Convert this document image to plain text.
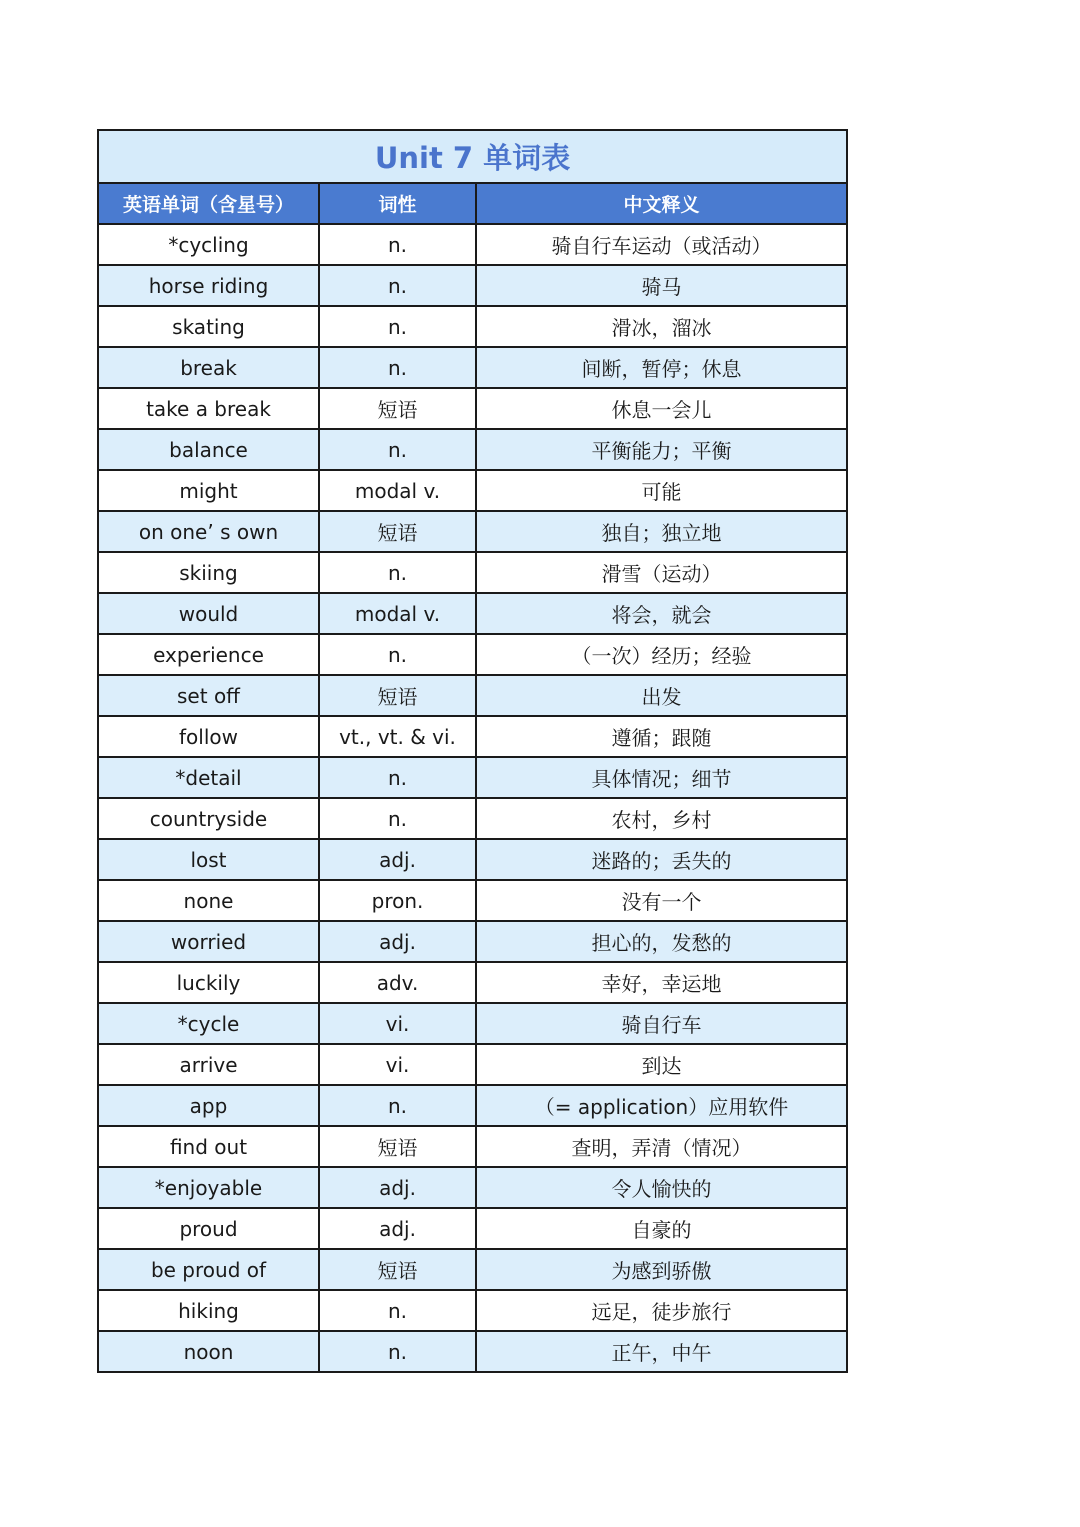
Unit 7 单词表		
英语单词（含星号）	词性	中文释义
*cycling	n.	骑自行车运动（或活动）
horse riding	n.	骑马
skating	n.	滑冰，溜冰
break	n.	间断，暂停；休息
take a break	短语	休息一会儿
balance	n.	平衡能力；平衡
might	modal v.	可能
on one’ s own	短语	独自；独立地
skiing	n.	滑雪（运动）
would	modal v.	将会，就会
experience	n.	（一次）经历；经验
set off	短语	出发
follow	vt., vt. & vi.	遵循；跟随
*detail	n.	具体情况；细节
countryside	n.	农村，乡村
lost	adj.	迷路的；丢失的
none	pron.	没有一个
worried	adj.	担心的，发愁的
luckily	adv.	幸好，幸运地
*cycle	vi.	骑自行车
arrive	vi.	到达
app	n.	（= application）应用软件
find out	短语	查明，弄清（情况）
*enjoyable	adj.	令人愉快的
proud	adj.	自豪的
be proud of	短语	为感到骄傲
hiking	n.	远足，徒步旅行
noon	n.	正午，中午
